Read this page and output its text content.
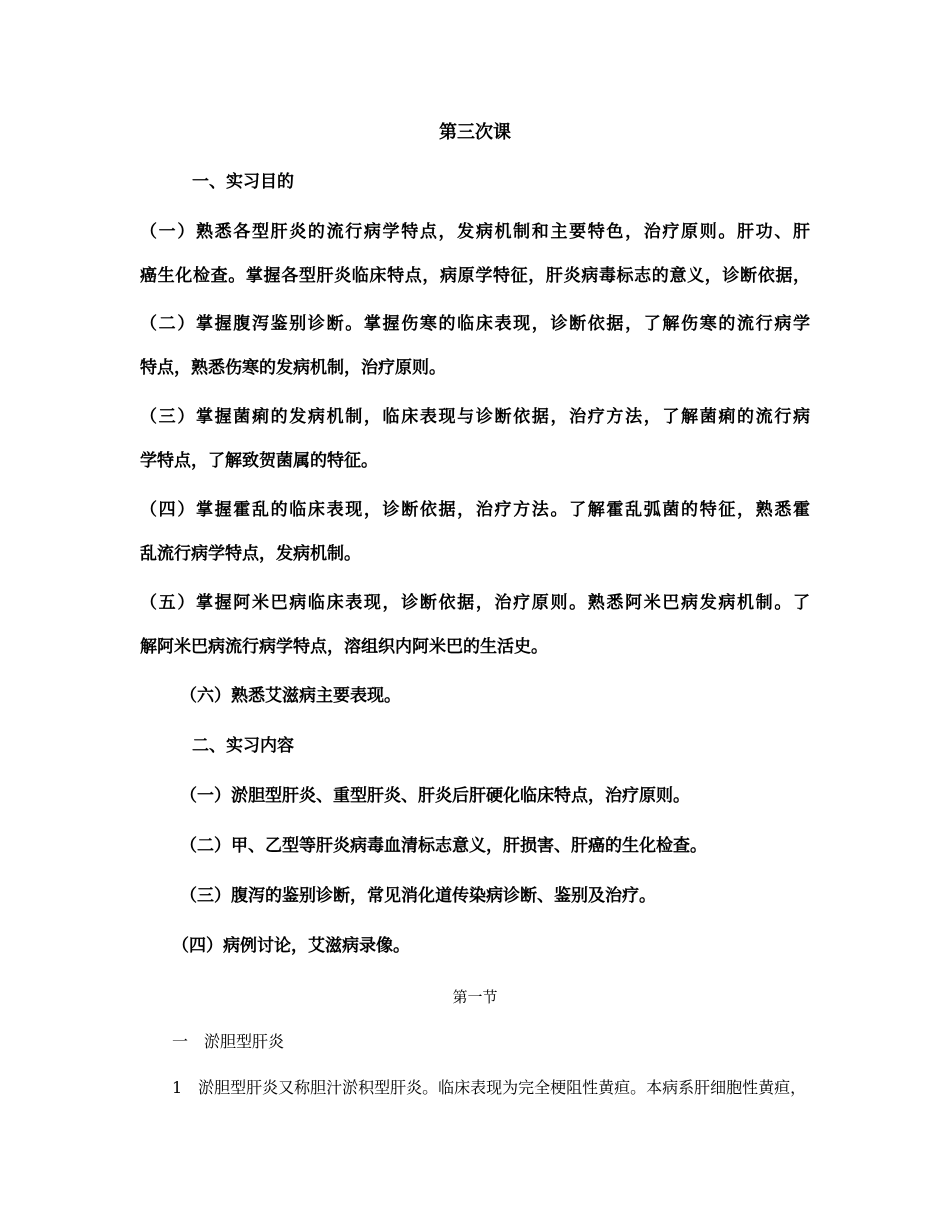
第三次课
一、实习目的
（一）熟悉各型肝炎的流行病学特点，发病机制和主要特色，治疗原则。肝功、肝
癌生化检查。掌握各型肝炎临床特点，病原学特征，肝炎病毒标志的意义，诊断依据，
（二）掌握腹泻鉴别诊断。掌握伤寒的临床表现，诊断依据，了解伤寒的流行病学
特点，熟悉伤寒的发病机制，治疗原则。
（三）掌握菌痢的发病机制，临床表现与诊断依据，治疗方法，了解菌痢的流行病
学特点，了解致贺菌属的特征。
（四）掌握霍乱的临床表现，诊断依据，治疗方法。了解霍乱弧菌的特征，熟悉霍
乱流行病学特点，发病机制。
（五）掌握阿米巴病临床表现，诊断依据，治疗原则。熟悉阿米巴病发病机制。了
解阿米巴病流行病学特点，溶组织内阿米巴的生活史。
（六）熟悉艾滋病主要表现。
二、实习内容
（一）淤胆型肝炎、重型肝炎、肝炎后肝硬化临床特点，治疗原则。
（二）甲、乙型等肝炎病毒血清标志意义，肝损害、肝癌的生化检查。
（三）腹泻的鉴别诊断，常见消化道传染病诊断、鉴别及治疗。
（四）病例讨论，艾滋病录像。
第一节
一　淤胆型肝炎
1　淤胆型肝炎又称胆汁淤积型肝炎。临床表现为完全梗阻性黄疸。本病系肝细胞性黄疸，
